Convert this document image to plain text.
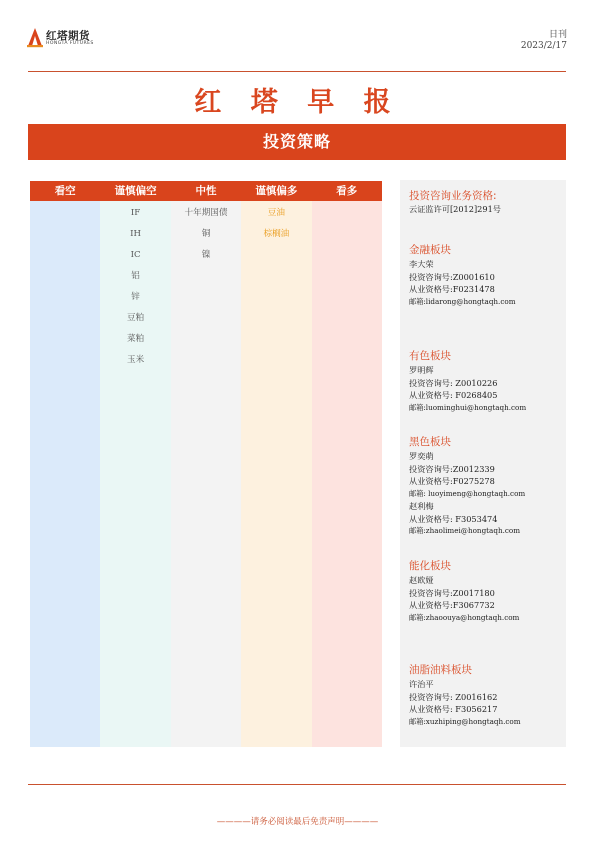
红塔期货
HONGTA FUTURES
日刊
2023/2/17
红 塔 早 报
投资策略
看空	谨慎偏空
IF
IH
IC
铝
锌
豆粕
菜粕
玉米
中性
十年期国债
铜
镍
谨慎偏多
豆油
棕榈油
看多	投资咨询业务资格:
云证监许可[2012]291号
金融板块
李大荣
投资咨询号:Z0001610
从业资格号:F0231478
邮箱:lidarong@hongtaqh.com
有色板块
罗明辉
投资咨询号: Z0010226
从业资格号: F0268405
邮箱:luominghui@hongtaqh.com
黑色板块
罗奕萌
投资咨询号:Z0012339
从业资格号:F0275278
邮箱: luoyimeng@hongtaqh.com
赵利梅
从业资格号: F3053474
邮箱:zhaolimei@hongtaqh.com
能化板块
赵欧娅
投资咨询号:Z0017180
从业资格号:F3067732
邮箱:zhaoouya@hongtaqh.com
油脂油料板块
许治平
投资咨询号: Z0016162
从业资格号: F3056217
邮箱:xuzhiping@hongtaqh.com
————请务必阅读最后免责声明————
